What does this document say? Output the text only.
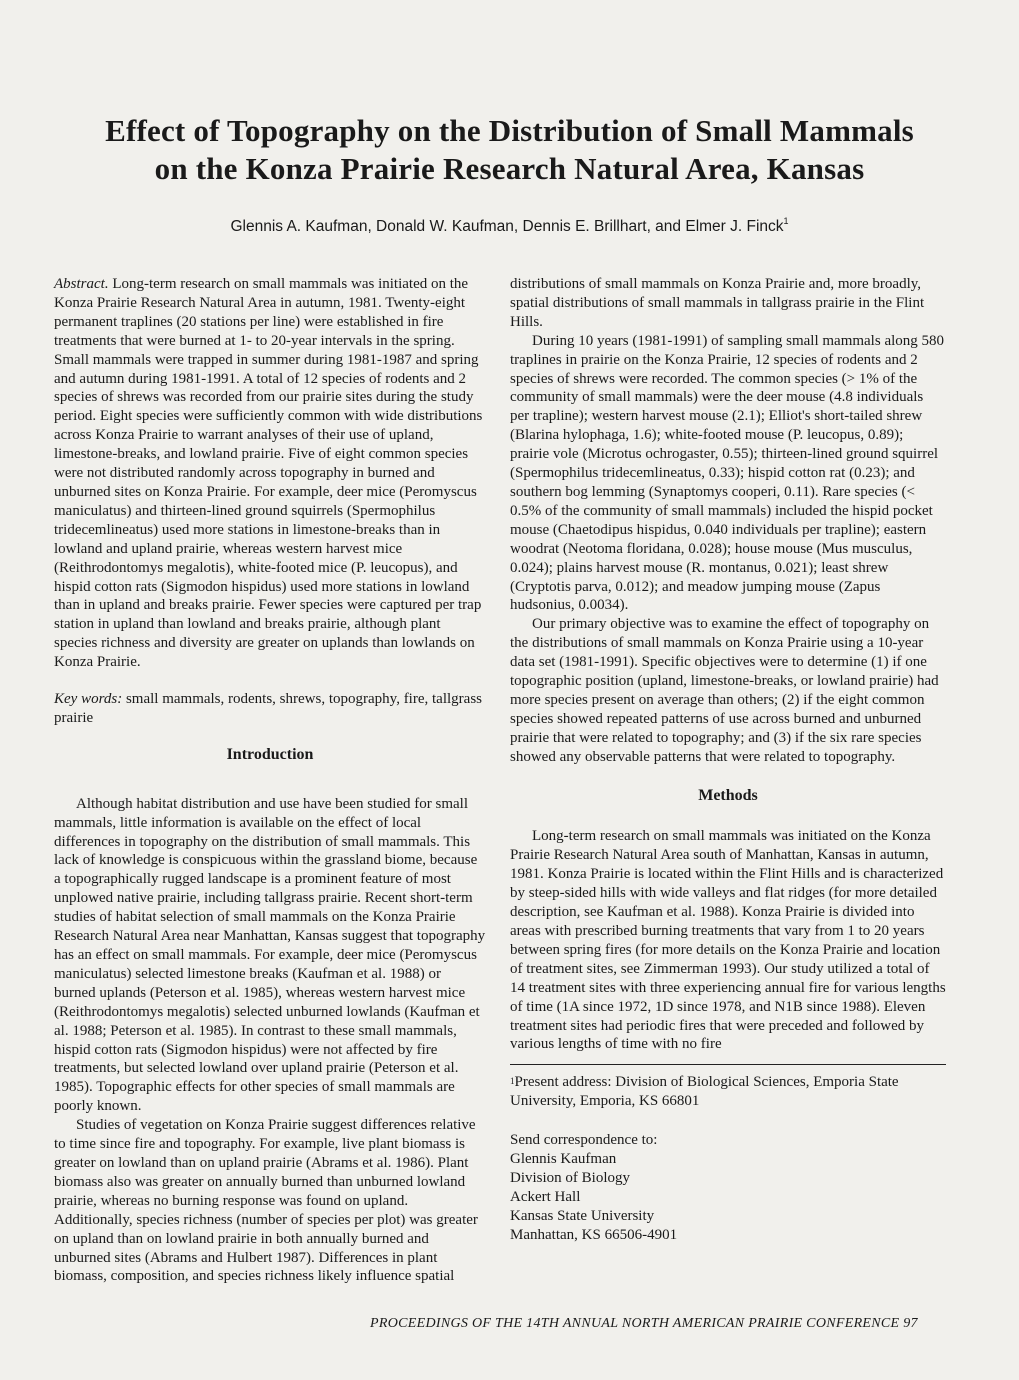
Effect of Topography on the Distribution of Small Mammals
on the Konza Prairie Research Natural Area, Kansas
Glennis A. Kaufman, Donald W. Kaufman, Dennis E. Brillhart, and Elmer J. Finck$^1$

Abstract. Long-term research on small mammals was initiated on the Konza Prairie Research Natural Area in autumn, 1981. Twenty-eight permanent traplines (20 stations per line) were established in fire treatments that were burned at 1- to 20-year intervals in the spring. Small mammals were trapped in summer during 1981-1987 and spring and autumn during 1981-1991. A total of 12 species of rodents and 2 species of shrews was recorded from our prairie sites during the study period. Eight species were sufficiently common with wide distributions across Konza Prairie to warrant analyses of their use of upland, limestone-breaks, and lowland prairie. Five of eight common species were not distributed randomly across topography in burned and unburned sites on Konza Prairie. For example, deer mice (Peromyscus maniculatus) and thirteen-lined ground squirrels (Spermophilus tridecemlineatus) used more stations in limestone-breaks than in lowland and upland prairie, whereas western harvest mice (Reithrodontomys megalotis), white-footed mice (P. leucopus), and hispid cotton rats (Sigmodon hispidus) used more stations in lowland than in upland and breaks prairie. Fewer species were captured per trap station in upland than lowland and breaks prairie, although plant species richness and diversity are greater on uplands than lowlands on Konza Prairie.

Key words: small mammals, rodents, shrews, topography, fire, tallgrass prairie

Introduction

Although habitat distribution and use have been studied for small mammals, little information is available on the effect of local differences in topography on the distribution of small mammals. This lack of knowledge is conspicuous within the grassland biome, because a topographically rugged landscape is a prominent feature of most unplowed native prairie, including tallgrass prairie. Recent short-term studies of habitat selection of small mammals on the Konza Prairie Research Natural Area near Manhattan, Kansas suggest that topography has an effect on small mammals. For example, deer mice (Peromyscus maniculatus) selected limestone breaks (Kaufman et al. 1988) or burned uplands (Peterson et al. 1985), whereas western harvest mice (Reithrodontomys megalotis) selected unburned lowlands (Kaufman et al. 1988; Peterson et al. 1985). In contrast to these small mammals, hispid cotton rats (Sigmodon hispidus) were not affected by fire treatments, but selected lowland over upland prairie (Peterson et al. 1985). Topographic effects for other species of small mammals are poorly known.

Studies of vegetation on Konza Prairie suggest differences relative to time since fire and topography. For example, live plant biomass is greater on lowland than on upland prairie (Abrams et al. 1986). Plant biomass also was greater on annually burned than unburned lowland prairie, whereas no burning response was found on upland. Additionally, species richness (number of species per plot) was greater on upland than on lowland prairie in both annually burned and unburned sites (Abrams and Hulbert 1987). Differences in plant biomass, composition, and species richness likely influence spatial

distributions of small mammals on Konza Prairie and, more broadly, spatial distributions of small mammals in tallgrass prairie in the Flint Hills.

During 10 years (1981-1991) of sampling small mammals along 580 traplines in prairie on the Konza Prairie, 12 species of rodents and 2 species of shrews were recorded. The common species (> 1% of the community of small mammals) were the deer mouse (4.8 individuals per trapline); western harvest mouse (2.1); Elliot's short-tailed shrew (Blarina hylophaga, 1.6); white-footed mouse (P. leucopus, 0.89); prairie vole (Microtus ochrogaster, 0.55); thirteen-lined ground squirrel (Spermophilus tridecemlineatus, 0.33); hispid cotton rat (0.23); and southern bog lemming (Synaptomys cooperi, 0.11). Rare species (< 0.5% of the community of small mammals) included the hispid pocket mouse (Chaetodipus hispidus, 0.040 individuals per trapline); eastern woodrat (Neotoma floridana, 0.028); house mouse (Mus musculus, 0.024); plains harvest mouse (R. montanus, 0.021); least shrew (Cryptotis parva, 0.012); and meadow jumping mouse (Zapus hudsonius, 0.0034).

Our primary objective was to examine the effect of topography on the distributions of small mammals on Konza Prairie using a 10-year data set (1981-1991). Specific objectives were to determine (1) if one topographic position (upland, limestone-breaks, or lowland prairie) had more species present on average than others; (2) if the eight common species showed repeated patterns of use across burned and unburned prairie that were related to topography; and (3) if the six rare species showed any observable patterns that were related to topography.

Methods

Long-term research on small mammals was initiated on the Konza Prairie Research Natural Area south of Manhattan, Kansas in autumn, 1981. Konza Prairie is located within the Flint Hills and is characterized by steep-sided hills with wide valleys and flat ridges (for more detailed description, see Kaufman et al. 1988). Konza Prairie is divided into areas with prescribed burning treatments that vary from 1 to 20 years between spring fires (for more details on the Konza Prairie and location of treatment sites, see Zimmerman 1993). Our study utilized a total of 14 treatment sites with three experiencing annual fire for various lengths of time (1A since 1972, 1D since 1978, and N1B since 1988). Eleven treatment sites had periodic fires that were preceded and followed by various lengths of time with no fire

$^1$Present address: Division of Biological Sciences, Emporia State University, Emporia, KS 66801

Send correspondence to:
Glennis Kaufman
Division of Biology
Ackert Hall
Kansas State University
Manhattan, KS 66506-4901
PROCEEDINGS OF THE 14TH ANNUAL NORTH AMERICAN PRAIRIE CONFERENCE 97
